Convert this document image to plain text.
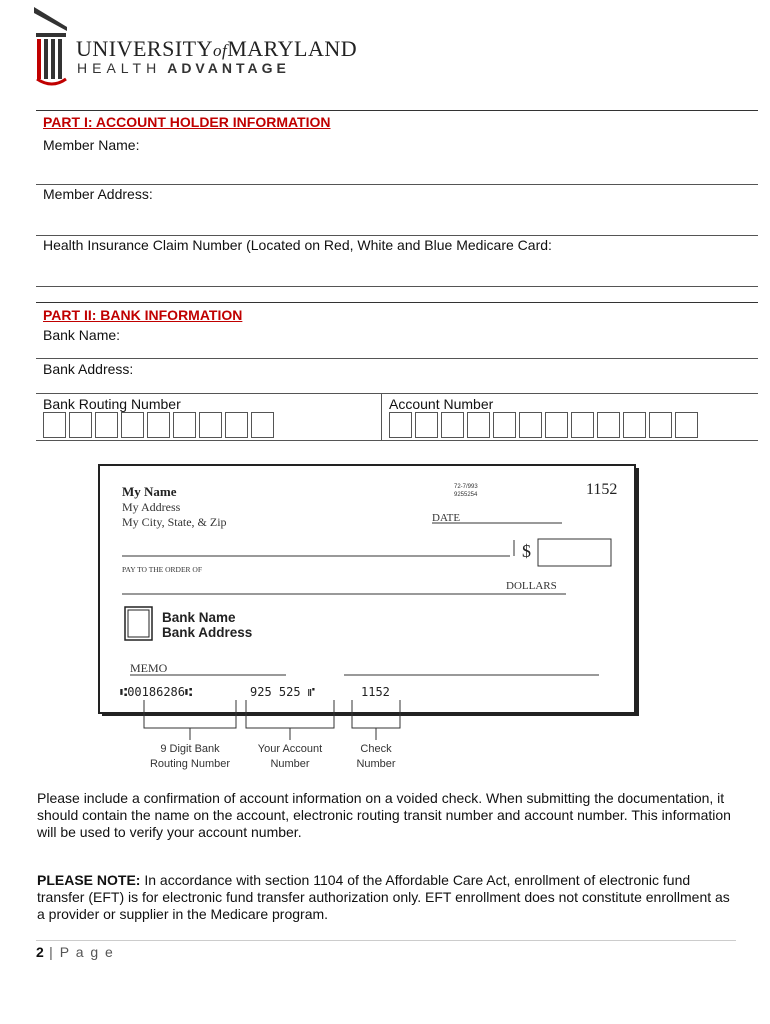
UNIVERSITYofMARYLAND
HEALTH ADVANTAGE
PART I: ACCOUNT HOLDER INFORMATION
Member Name:
Member Address:
Health Insurance Claim Number (Located on Red, White and Blue Medicare Card:
PART II: BANK INFORMATION
Bank Name:
Bank Address:
Bank Routing Number	Account Number
My Name
My Address
My City, State, & Zip
72-7/993
9255254	1152
DATE
$
PAY TO THE ORDER OF
DOLLARS
Bank Name
Bank Address
MEMO
⑆00186286⑆	925 525 ⑈	1152
9 Digit Bank
Routing Number
Your Account
Number
Check
Number
Please include a confirmation of account information on a voided check. When submitting the documentation, it should contain the name on the account, electronic routing transit number and account number. This information will be used to verify your account number.
PLEASE NOTE: In accordance with section 1104 of the Affordable Care Act, enrollment of electronic fund transfer (EFT) is for electronic fund transfer authorization only. EFT enrollment does not constitute enrollment as a provider or supplier in the Medicare program.
2 | P a g e
